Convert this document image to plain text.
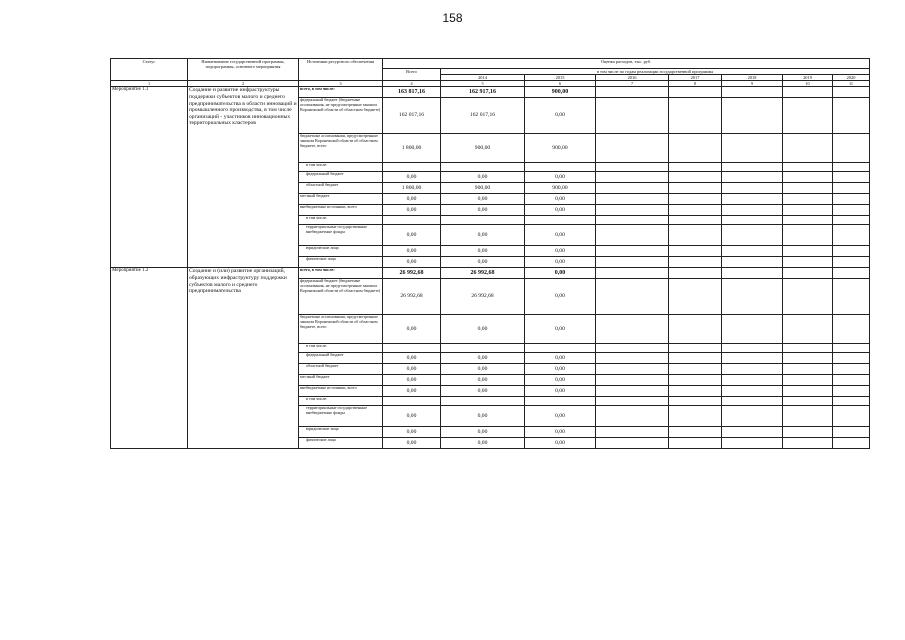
158
Статус	Наименование государственной программы, подпрограммы, основного мероприятия	Источники ресурсного обеспечения	Оценка расходов, тыс. руб.							
			Всего	в том числе по годам реализации государственной программы						
				2014	2015	2016	2017	2018	2019	2020
1	2	3	4	5	6	7	8	9	10	11
Мероприятие 1.1	Создание и развитие инфраструктуры поддержки субъектов малого и среднего предпринимательства в области инноваций и промышленного производства, в том числе организаций - участников инновационных территориальных кластеров	всего, в том числе:	163 817,16	162 917,16	900,00					
		федеральный бюджет (бюджетные ассигнования, не предусмотренные законом Воронежской области об областном бюджете)	162 017,16	162 017,16	0,00					
		бюджетные ассигнования, предусмотренные законом Воронежской области об областном бюджете, всего	1 800,00	900,00	900,00					
		в том числе:								
		федеральный бюджет	0,00	0,00	0,00					
		областной бюджет	1 800,00	900,00	900,00					
		местный бюджет	0,00	0,00	0,00					
		внебюджетные источники, всего	0,00	0,00	0,00					
		в том числе:								
		территориальные государственные внебюджетные фонды	0,00	0,00	0,00					
		юридические лица	0,00	0,00	0,00					
		физические лица	0,00	0,00	0,00					
Мероприятие 1.2	Создание и (или) развитие организаций, образующих инфраструктуру поддержки субъектов малого и среднего предпринимательства	всего, в том числе:	26 992,68	26 992,68	0,00					
		федеральный бюджет (бюджетные ассигнования, не предусмотренные законом Воронежской области об областном бюджете)	26 992,68	26 992,68	0,00					
		бюджетные ассигнования, предусмотренные законом Воронежской области об областном бюджете, всего	0,00	0,00	0,00					
		в том числе:								
		федеральный бюджет	0,00	0,00	0,00					
		областной бюджет	0,00	0,00	0,00					
		местный бюджет	0,00	0,00	0,00					
		внебюджетные источники, всего	0,00	0,00	0,00					
		в том числе:								
		территориальные государственные внебюджетные фонды	0,00	0,00	0,00					
		юридические лица	0,00	0,00	0,00					
		физические лица	0,00	0,00	0,00					
